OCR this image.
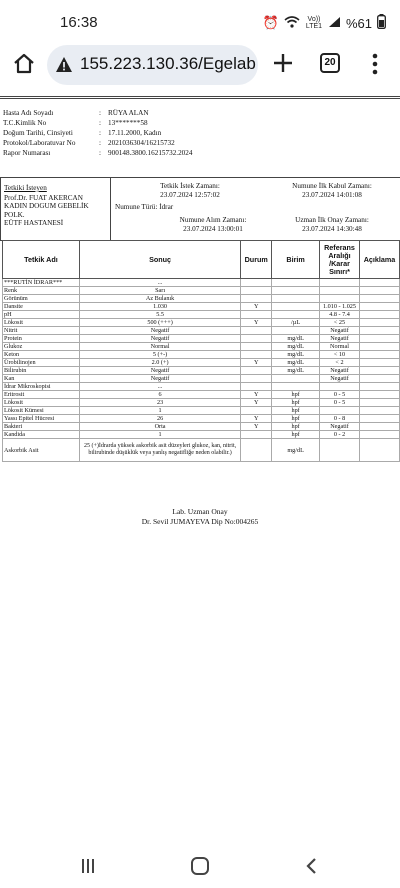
16:38	⏰	Vo)) LTE1 %61
155.223.130.36/Egelab	20
Hasta Adı Soyadı	: RÜYA ALAN
T.C.Kimlik No	: 13*******58
Doğum Tarihi, Cinsiyeti	: 17.11.2000, Kadın
Protokol/Laboratuvar No	: 2021036304/16215732
Rapor Numarası	: 900148.3800.16215732.2024
Tetkiki İsteyen
Prof.Dr. FUAT AKERCAN
KADIN DOGUM GEBELİK
POLK.
EÜTF HASTANESİ
Tetkik İstek Zamanı:
23.07.2024 12:57:02
Numune İlk Kabul Zamanı:
23.07.2024 14:01:08
Numune Türü: İdrar
Numune Alım Zamanı:
23.07.2024 13:00:01
Uzman İlk Onay Zamanı:
23.07.2024 14:30:48
Tetkik Adı	Sonuç	Durum	Birim	Referans Aralığı /Karar Sınırı*	Açıklama
***RUTİN İDRAR***	...				
Renk	Sarı				
Görünüm	Az Bulanık				
Dansite	1.030	Y		1.010 - 1.025	
pH	5.5			4.8 - 7.4	
Lökosit	500 (+++)	Y	/µL	< 25	
Nitrit	Negatif			Negatif	
Protein	Negatif		mg/dL	Negatif	
Glukoz	Normal		mg/dL	Normal	
Keton	5 (+-)		mg/dL	< 10	
Ürobilinojen	2.0 (+)	Y	mg/dL	< 2	
Bilirubin	Negatif		mg/dL	Negatif	
Kan	Negatif			Negatif	
İdrar Mikroskopisi	...				
Eritrosit	6	Y	hpf	0 - 5	
Lökosit	23	Y	hpf	0 - 5	
Lökosit Kümesi	1		hpf		
Yassı Epitel Hücresi	26	Y	hpf	0 - 8	
Bakteri	Orta	Y	hpf	Negatif	
Kandida	1		hpf	0 - 2	
Askorbik Asit	25 (+)İdrarda yüksek askorbik asit düzeyleri glukoz, kan, nitrit, bilirubinde düşüklük veya yanlış negatifliğe neden olabilir.)		mg/dL		
Lab. Uzman Onay
Dr. Sevil JUMAYEVA Dip No:004265
